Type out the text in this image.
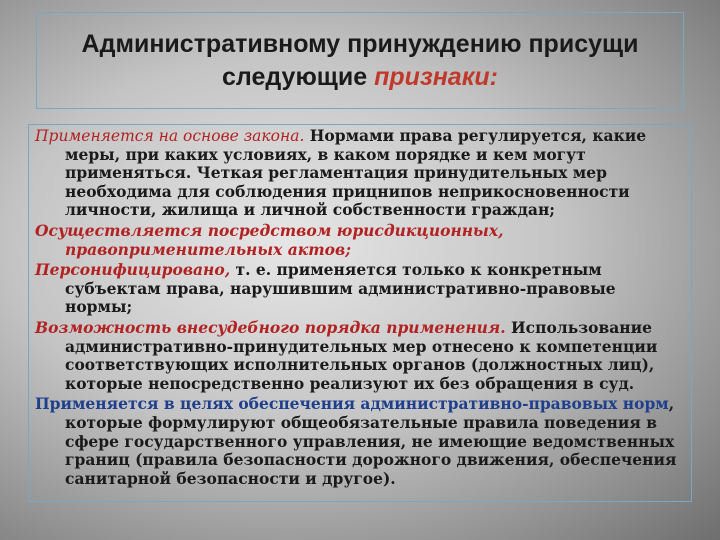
Административному принуждению присущи
следующие признаки:

Применяется на основе закона. Нормами права регулируется, какие меры, при каких условиях, в каком порядке и кем могут применяться. Четкая регламентация принудительных мер необходима для соблюдения прицнипов неприкосновенности личности, жилища и личной собственности граждан;

Осуществляется посредством юрисдикционных, правоприменительных актов;

Персонифицировано, т. е. применяется только к конкретным субъектам права, нарушившим административно-правовые нормы;

Возможность внесудебного порядка применения. Использование административно-принудительных мер отнесено к компетенции соответствующих исполнительных органов (должностных лиц), которые непосредственно реализуют их без обращения в суд.

Применяется в целях обеспечения административно-правовых норм, которые формулируют общеобязательные правила поведения в сфере государственного управления, не имеющие ведомственных границ (правила безопасности дорожного движения, обеспечения санитарной безопасности и другое).
